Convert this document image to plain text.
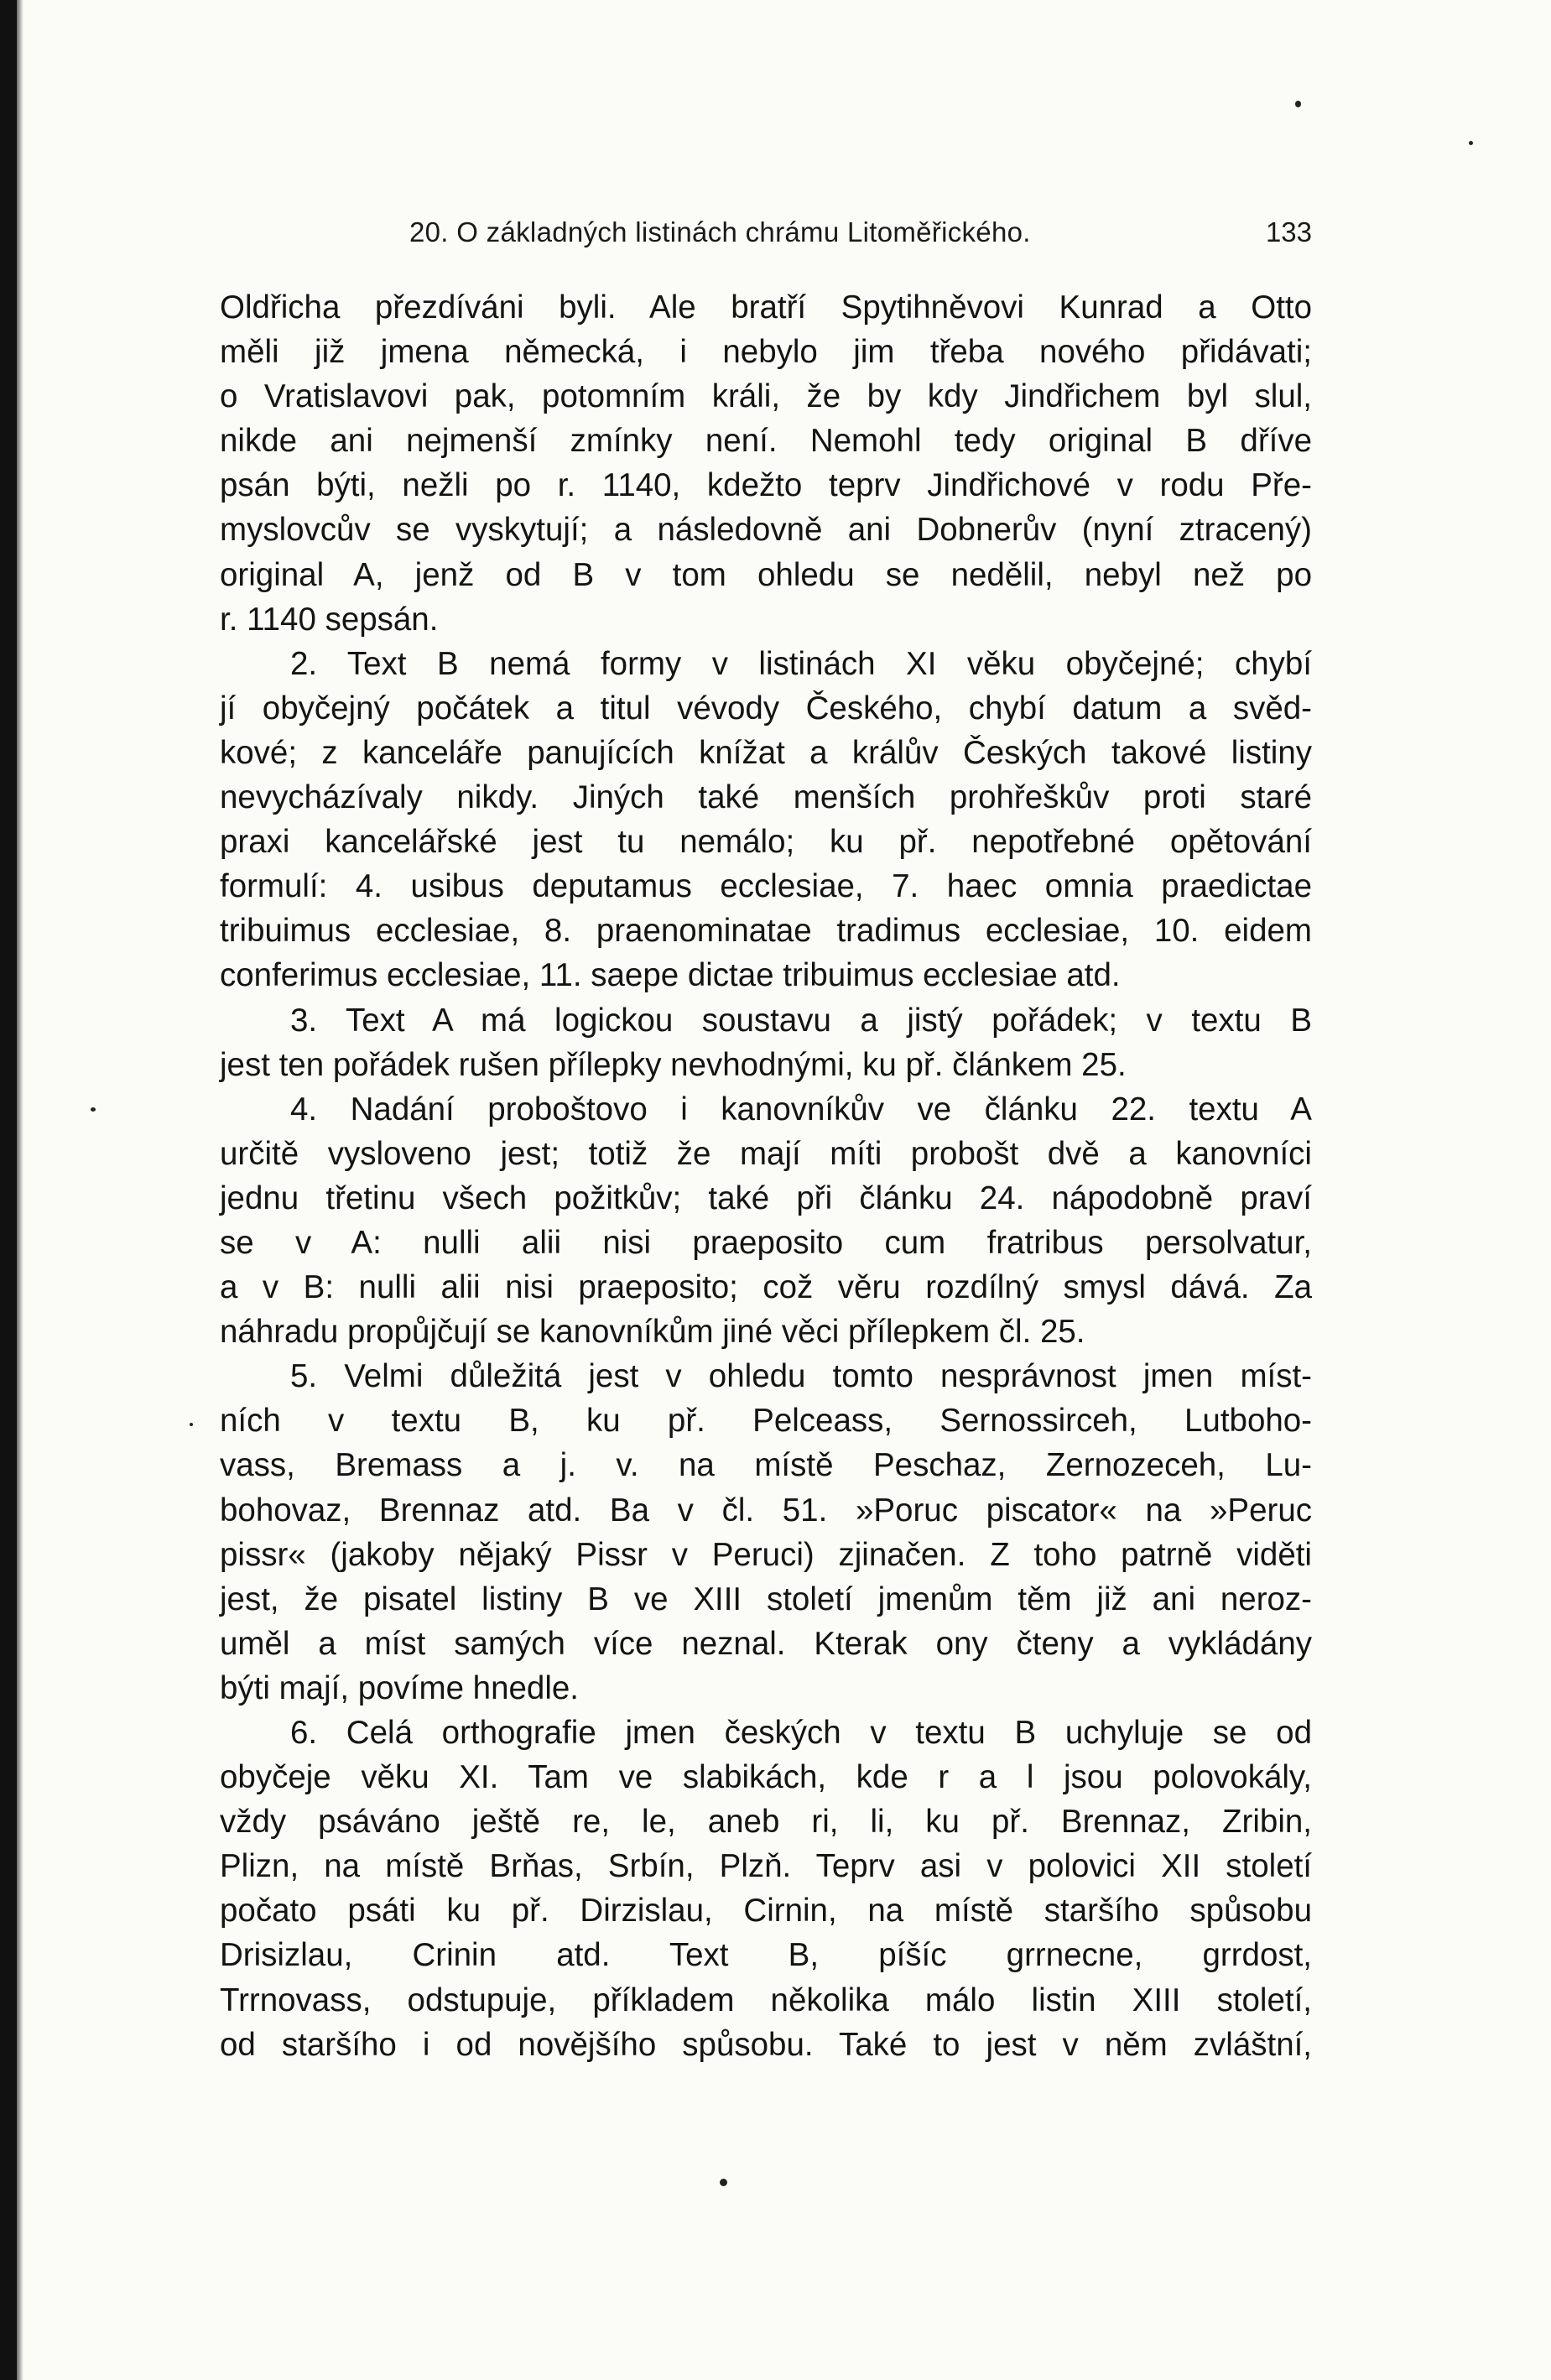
20. O základných listinách chrámu Litoměřického.	133
Oldřicha přezdíváni byli. Ale bratří Spytihněvovi Kunrad a Otto
měli již jmena německá, i nebylo jim třeba nového přidávati;
o Vratislavovi pak, potomním králi, že by kdy Jindřichem byl slul,
nikde ani nejmenší zmínky není. Nemohl tedy original B dříve
psán býti, nežli po r. 1140, kdežto teprv Jindřichové v rodu Pře-
myslovcův se vyskytují; a následovně ani Dobnerův (nyní ztracený)
original A, jenž od B v tom ohledu se nedělil, nebyl než po
r. 1140 sepsán.
2. Text B nemá formy v listinách XI věku obyčejné; chybí
jí obyčejný počátek a titul vévody Českého, chybí datum a svěd-
kové; z kanceláře panujících knížat a králův Českých takové listiny
nevycházívaly nikdy. Jiných také menších prohřeškův proti staré
praxi kancelářské jest tu nemálo; ku př. nepotřebné opětování
formulí: 4. usibus deputamus ecclesiae, 7. haec omnia praedictae
tribuimus ecclesiae, 8. praenominatae tradimus ecclesiae, 10. eidem
conferimus ecclesiae, 11. saepe dictae tribuimus ecclesiae atd.
3. Text A má logickou soustavu a jistý pořádek; v textu B
jest ten pořádek rušen přílepky nevhodnými, ku př. článkem 25.
4. Nadání proboštovo i kanovníkův ve článku 22. textu A
určitě vysloveno jest; totiž že mají míti probošt dvě a kanovníci
jednu třetinu všech požitkův; také při článku 24. nápodobně praví
se v A: nulli alii nisi praeposito cum fratribus persolvatur,
a v B: nulli alii nisi praeposito; což věru rozdílný smysl dává. Za
náhradu propůjčují se kanovníkům jiné věci přílepkem čl. 25.
5. Velmi důležitá jest v ohledu tomto nesprávnost jmen míst-
ních v textu B, ku př. Pelceass, Sernossirceh, Lutboho-
vass, Bremass a j. v. na místě Peschaz, Zernozeceh, Lu-
bohovaz, Brennaz atd. Ba v čl. 51. »Poruc piscator« na »Peruc
pissr« (jakoby nějaký Pissr v Peruci) zjinačen. Z toho patrně viděti
jest, že pisatel listiny B ve XIII století jmenům těm již ani neroz-
uměl a míst samých více neznal. Kterak ony čteny a vykládány
býti mají, povíme hnedle.
6. Celá orthografie jmen českých v textu B uchyluje se od
obyčeje věku XI. Tam ve slabikách, kde r a l jsou polovokály,
vždy psáváno ještě re, le, aneb ri, li, ku př. Brennaz, Zribin,
Plizn, na místě Brňas, Srbín, Plzň. Teprv asi v polovici XII století
počato psáti ku př. Dirzislau, Cirnin, na místě staršího spůsobu
Drisizlau, Crinin atd. Text B, píšíc grrnecne, grrdost,
Trrnovass, odstupuje, příkladem několika málo listin XIII století,
od staršího i od novějšího spůsobu. Také to jest v něm zvláštní,
